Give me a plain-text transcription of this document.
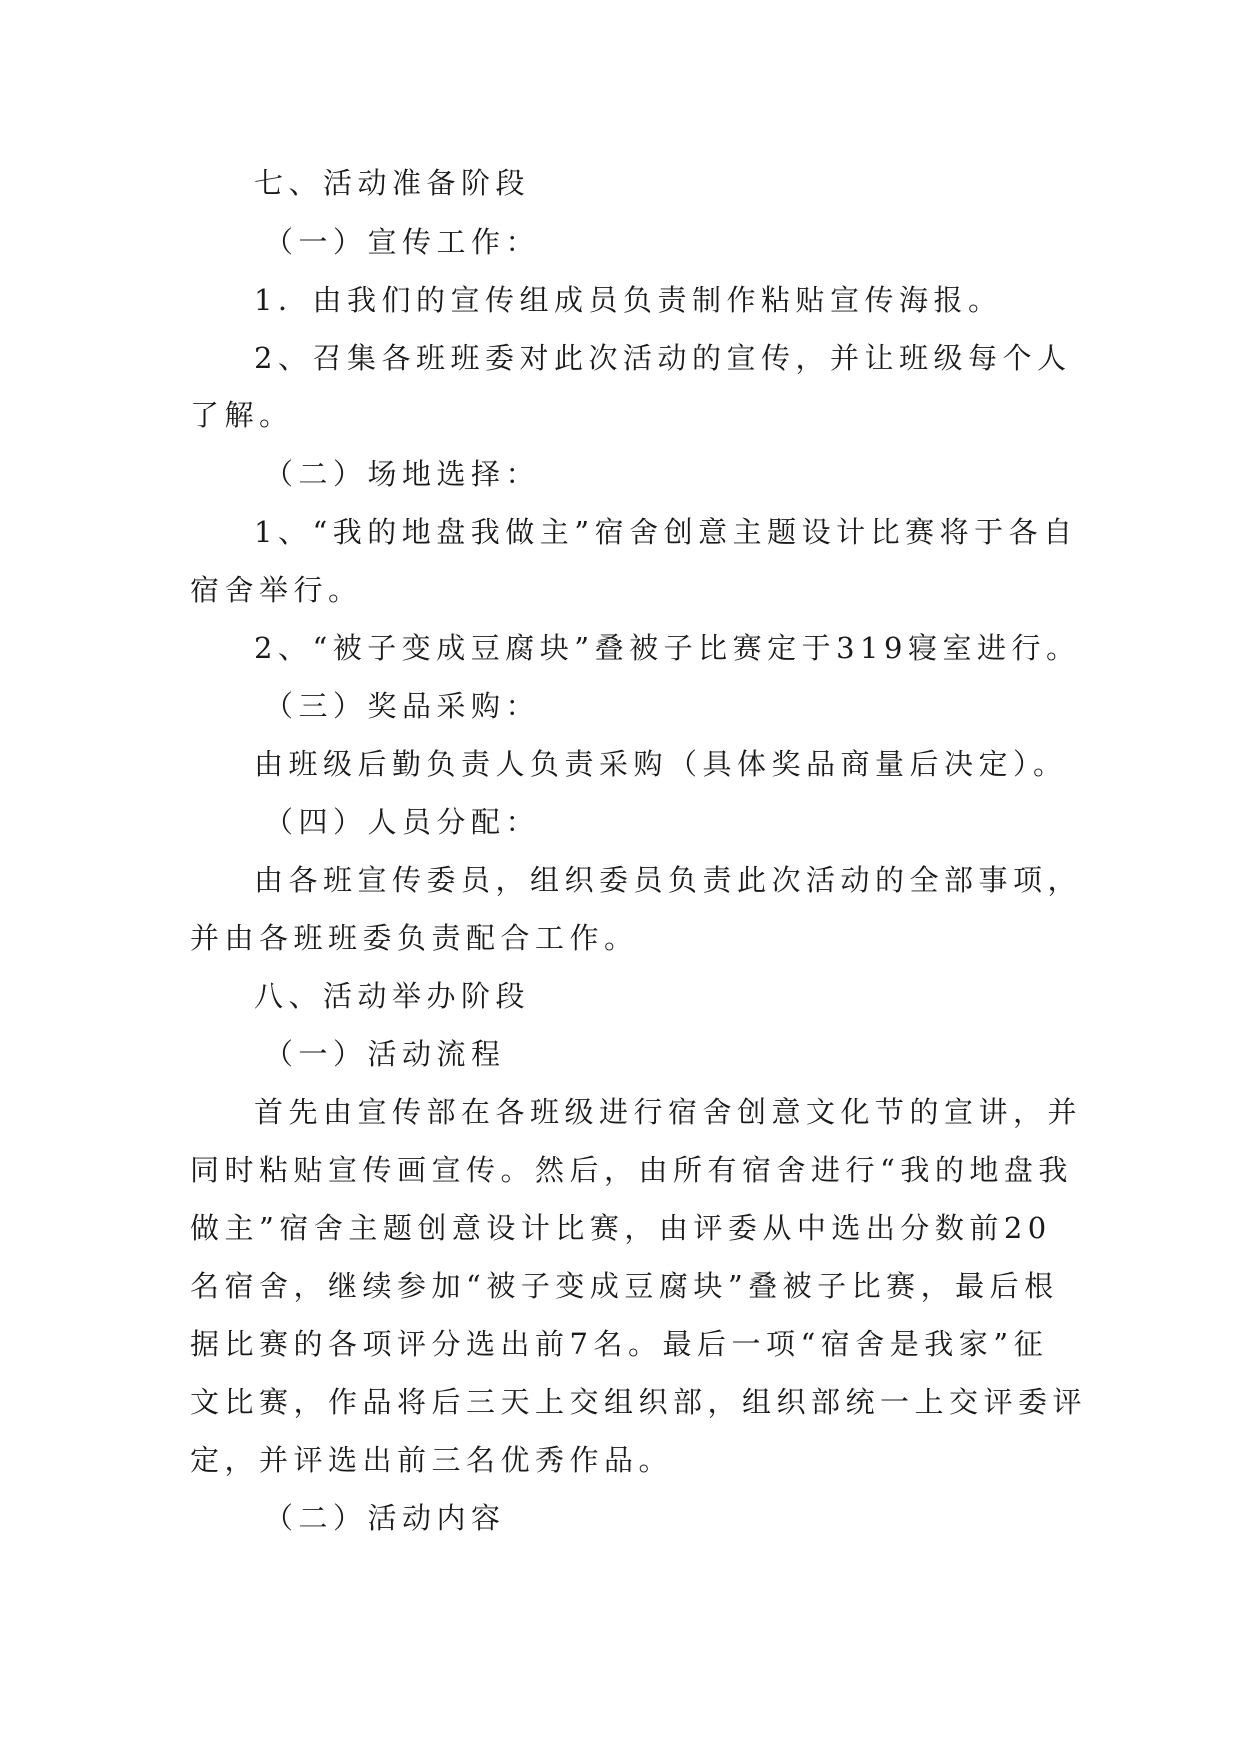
七、活动准备阶段
（一）宣传工作：
1．由我们的宣传组成员负责制作粘贴宣传海报。
2、召集各班班委对此次活动的宣传，并让班级每个人
了解。
（二）场地选择：
1、“我的地盘我做主”宿舍创意主题设计比赛将于各自
宿舍举行。
2、“被子变成豆腐块”叠被子比赛定于319寝室进行。
（三）奖品采购：
由班级后勤负责人负责采购（具体奖品商量后决定）。
（四）人员分配：
由各班宣传委员，组织委员负责此次活动的全部事项，
并由各班班委负责配合工作。
八、活动举办阶段
（一）活动流程
首先由宣传部在各班级进行宿舍创意文化节的宣讲，并
同时粘贴宣传画宣传。然后，由所有宿舍进行“我的地盘我
做主”宿舍主题创意设计比赛，由评委从中选出分数前20
名宿舍，继续参加“被子变成豆腐块”叠被子比赛，最后根
据比赛的各项评分选出前7名。最后一项“宿舍是我家”征
文比赛，作品将后三天上交组织部，组织部统一上交评委评
定，并评选出前三名优秀作品。
（二）活动内容
